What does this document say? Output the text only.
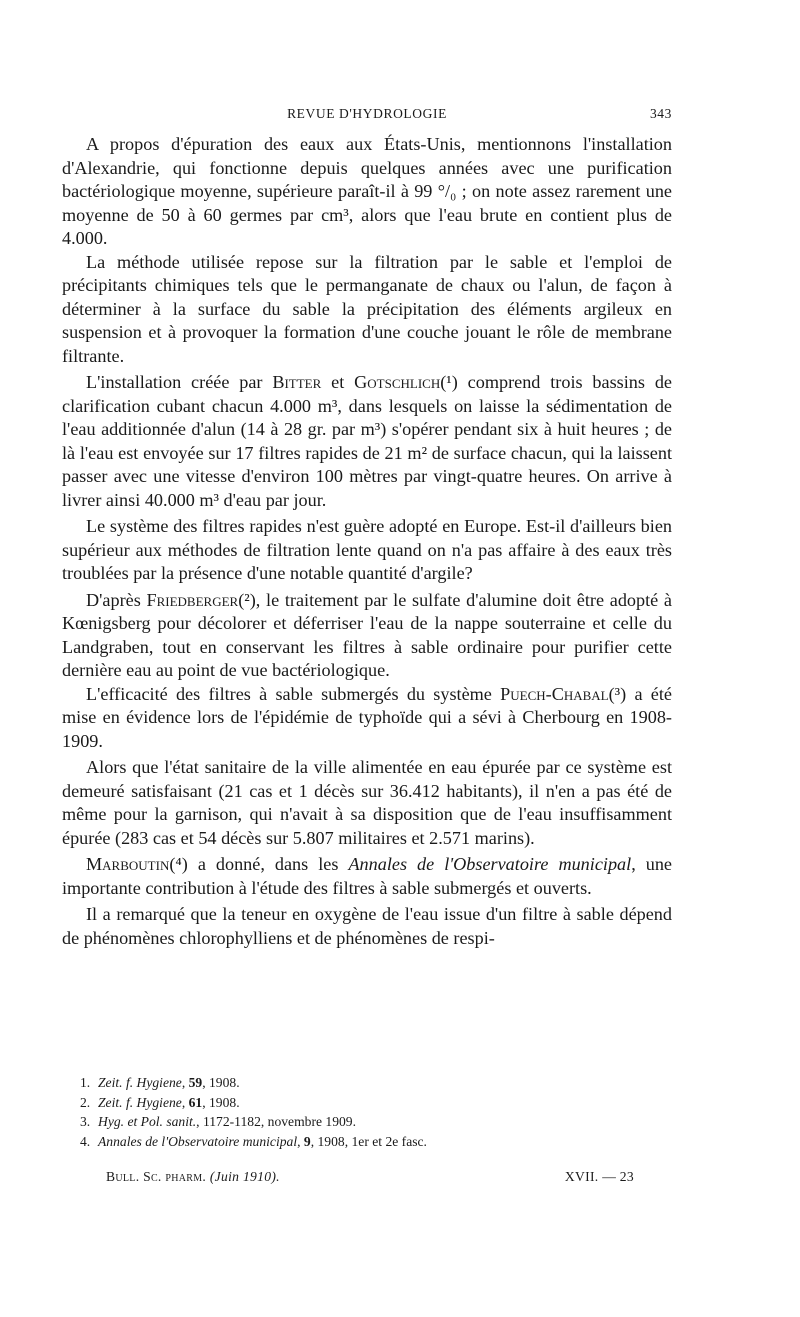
REVUE D'HYDROLOGIE	343

A propos d'épuration des eaux aux États-Unis, mentionnons l'installation d'Alexandrie, qui fonctionne depuis quelques années avec une purification bactériologique moyenne, supérieure paraît-il à 99 °/₀ ; on note assez rarement une moyenne de 50 à 60 germes par cm³, alors que l'eau brute en contient plus de 4.000.

La méthode utilisée repose sur la filtration par le sable et l'emploi de précipitants chimiques tels que le permanganate de chaux ou l'alun, de façon à déterminer à la surface du sable la précipitation des éléments argileux en suspension et à provoquer la formation d'une couche jouant le rôle de membrane filtrante.

L'installation créée par Bitter et Gotschlich(¹) comprend trois bassins de clarification cubant chacun 4.000 m³, dans lesquels on laisse la sédimentation de l'eau additionnée d'alun (14 à 28 gr. par m³) s'opérer pendant six à huit heures ; de là l'eau est envoyée sur 17 filtres rapides de 21 m² de surface chacun, qui la laissent passer avec une vitesse d'environ 100 mètres par vingt-quatre heures. On arrive à livrer ainsi 40.000 m³ d'eau par jour.

Le système des filtres rapides n'est guère adopté en Europe. Est-il d'ailleurs bien supérieur aux méthodes de filtration lente quand on n'a pas affaire à des eaux très troublées par la présence d'une notable quantité d'argile?

D'après Friedberger(²), le traitement par le sulfate d'alumine doit être adopté à Kœnigsberg pour décolorer et déferriser l'eau de la nappe souterraine et celle du Landgraben, tout en conservant les filtres à sable ordinaire pour purifier cette dernière eau au point de vue bactériologique.

L'efficacité des filtres à sable submergés du système Puech-Chabal(³) a été mise en évidence lors de l'épidémie de typhoïde qui a sévi à Cherbourg en 1908-1909.

Alors que l'état sanitaire de la ville alimentée en eau épurée par ce système est demeuré satisfaisant (21 cas et 1 décès sur 36.412 habitants), il n'en a pas été de même pour la garnison, qui n'avait à sa disposition que de l'eau insuffisamment épurée (283 cas et 54 décès sur 5.807 militaires et 2.571 marins).

Marboutin(⁴) a donné, dans les Annales de l'Observatoire municipal, une importante contribution à l'étude des filtres à sable submergés et ouverts.

Il a remarqué que la teneur en oxygène de l'eau issue d'un filtre à sable dépend de phénomènes chlorophylliens et de phénomènes de respi-

1. Zeit. f. Hygiene, 59, 1908.
2. Zeit. f. Hygiene, 61, 1908.
3. Hyg. et Pol. sanit., 1172-1182, novembre 1909.
4. Annales de l'Observatoire municipal, 9, 1908, 1er et 2e fasc.
Bull. Sc. pharm. (Juin 1910).	XVII. — 23
